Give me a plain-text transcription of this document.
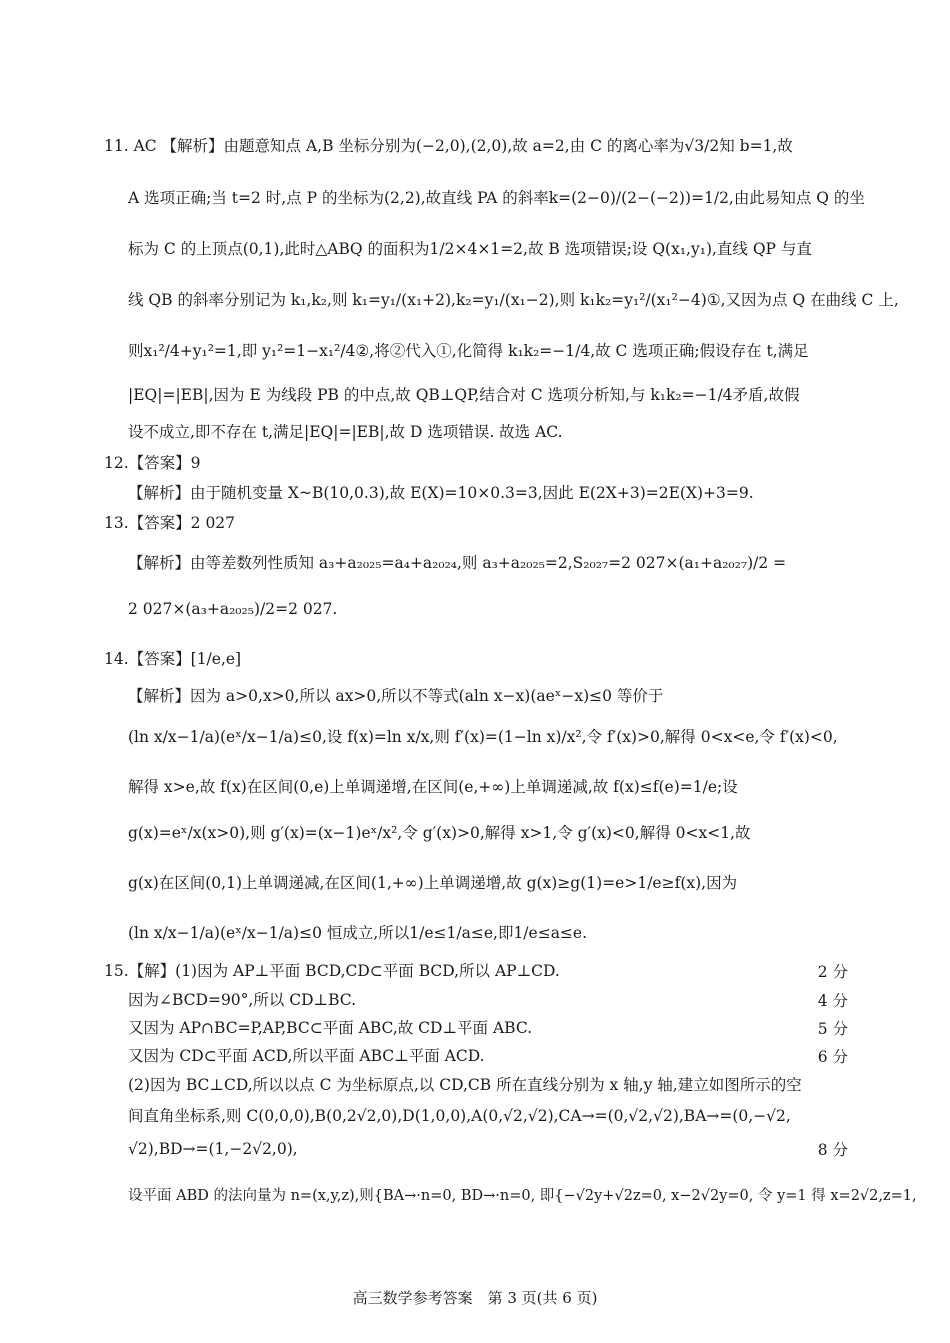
11. AC 【解析】由题意知点 A,B 坐标分别为(−2,0),(2,0),故 a=2,由 C 的离心率为√3/2知 b=1,故
A 选项正确;当 t=2 时,点 P 的坐标为(2,2),故直线 PA 的斜率k=(2−0)/(2−(−2))=1/2,由此易知点 Q 的坐
标为 C 的上顶点(0,1),此时△ABQ 的面积为1/2×4×1=2,故 B 选项错误;设 Q(x₁,y₁),直线 QP 与直
线 QB 的斜率分别记为 k₁,k₂,则 k₁=y₁/(x₁+2),k₂=y₁/(x₁−2),则 k₁k₂=y₁²/(x₁²−4)①,又因为点 Q 在曲线 C 上,
则x₁²/4+y₁²=1,即 y₁²=1−x₁²/4②,将②代入①,化简得 k₁k₂=−1/4,故 C 选项正确;假设存在 t,满足
|EQ|=|EB|,因为 E 为线段 PB 的中点,故 QB⊥QP,结合对 C 选项分析知,与 k₁k₂=−1/4矛盾,故假
设不成立,即不存在 t,满足|EQ|=|EB|,故 D 选项错误. 故选 AC.
12.【答案】9
【解析】由于随机变量 X~B(10,0.3),故 E(X)=10×0.3=3,因此 E(2X+3)=2E(X)+3=9.
13.【答案】2 027
【解析】由等差数列性质知 a₃+a₂₀₂₅=a₄+a₂₀₂₄,则 a₃+a₂₀₂₅=2,S₂₀₂₇=2 027×(a₁+a₂₀₂₇)/2 =
2 027×(a₃+a₂₀₂₅)/2=2 027.
14.【答案】[1/e,e]
【解析】因为 a>0,x>0,所以 ax>0,所以不等式(aln x−x)(aeˣ−x)≤0 等价于
(ln x/x−1/a)(eˣ/x−1/a)≤0,设 f(x)=ln x/x,则 f′(x)=(1−ln x)/x²,令 f′(x)>0,解得 0<x<e,令 f′(x)<0,
解得 x>e,故 f(x)在区间(0,e)上单调递增,在区间(e,+∞)上单调递减,故 f(x)≤f(e)=1/e;设
g(x)=eˣ/x(x>0),则 g′(x)=(x−1)eˣ/x²,令 g′(x)>0,解得 x>1,令 g′(x)<0,解得 0<x<1,故
g(x)在区间(0,1)上单调递减,在区间(1,+∞)上单调递增,故 g(x)≥g(1)=e>1/e≥f(x),因为
(ln x/x−1/a)(eˣ/x−1/a)≤0 恒成立,所以1/e≤1/a≤e,即1/e≤a≤e.
15.【解】(1)因为 AP⊥平面 BCD,CD⊂平面 BCD,所以 AP⊥CD.	2 分
因为∠BCD=90°,所以 CD⊥BC.	4 分
又因为 AP∩BC=P,AP,BC⊂平面 ABC,故 CD⊥平面 ABC.	5 分
又因为 CD⊂平面 ACD,所以平面 ABC⊥平面 ACD.	6 分
(2)因为 BC⊥CD,所以以点 C 为坐标原点,以 CD,CB 所在直线分别为 x 轴,y 轴,建立如图所示的空
间直角坐标系,则 C(0,0,0),B(0,2√2,0),D(1,0,0),A(0,√2,√2),CA→=(0,√2,√2),BA→=(0,−√2,
√2),BD→=(1,−2√2,0),	8 分
设平面 ABD 的法向量为 n=(x,y,z),则{BA→·n=0, BD→·n=0, 即{−√2y+√2z=0, x−2√2y=0, 令 y=1 得 x=2√2,z=1,
高三数学参考答案　第 3 页(共 6 页)
